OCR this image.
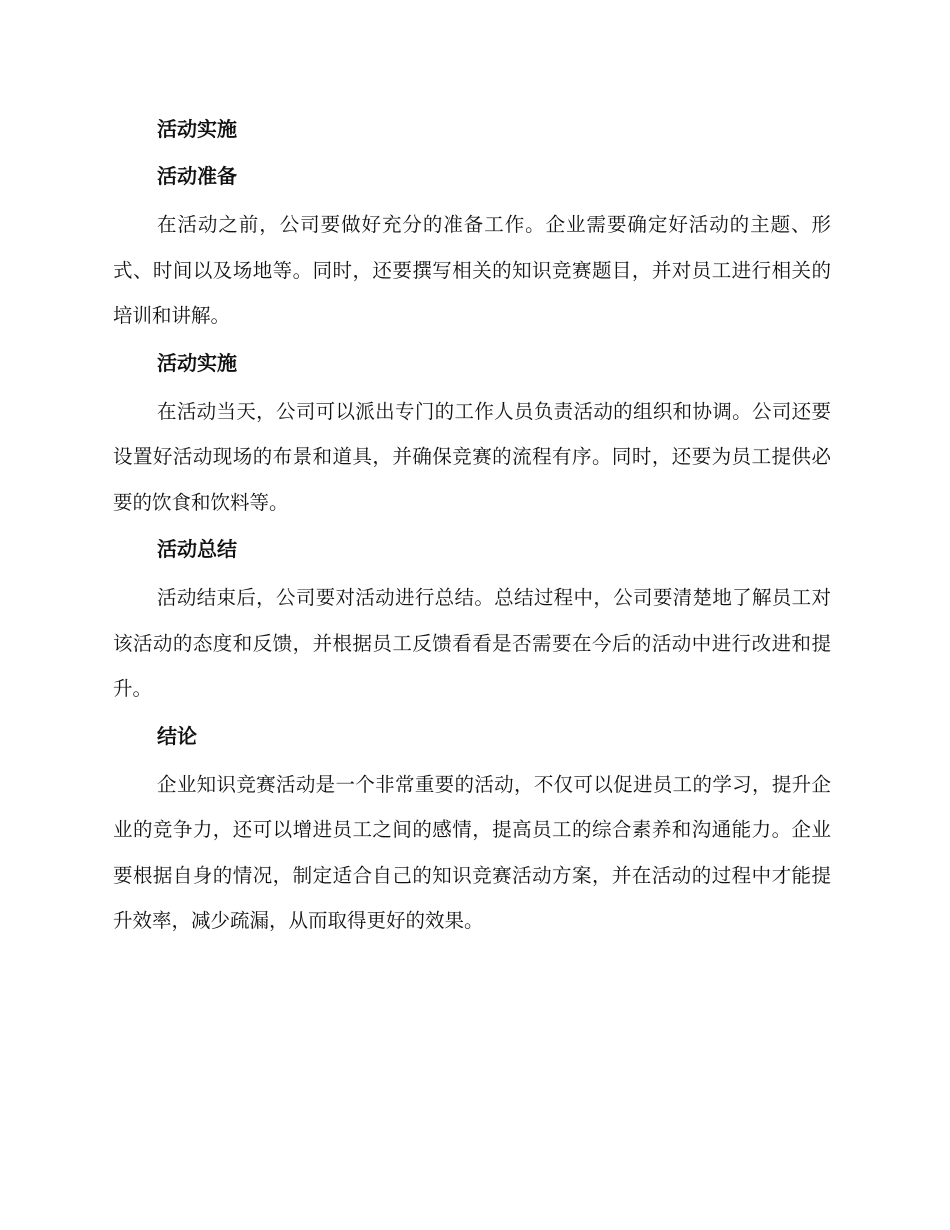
活动实施
活动准备

在活动之前，公司要做好充分的准备工作。企业需要确定好活动的主题、形式、时间以及场地等。同时，还要撰写相关的知识竞赛题目，并对员工进行相关的培训和讲解。

活动实施

在活动当天，公司可以派出专门的工作人员负责活动的组织和协调。公司还要设置好活动现场的布景和道具，并确保竞赛的流程有序。同时，还要为员工提供必要的饮食和饮料等。

活动总结

活动结束后，公司要对活动进行总结。总结过程中，公司要清楚地了解员工对该活动的态度和反馈，并根据员工反馈看看是否需要在今后的活动中进行改进和提升。

结论

企业知识竞赛活动是一个非常重要的活动，不仅可以促进员工的学习，提升企业的竞争力，还可以增进员工之间的感情，提高员工的综合素养和沟通能力。企业要根据自身的情况，制定适合自己的知识竞赛活动方案，并在活动的过程中才能提升效率，减少疏漏，从而取得更好的效果。
